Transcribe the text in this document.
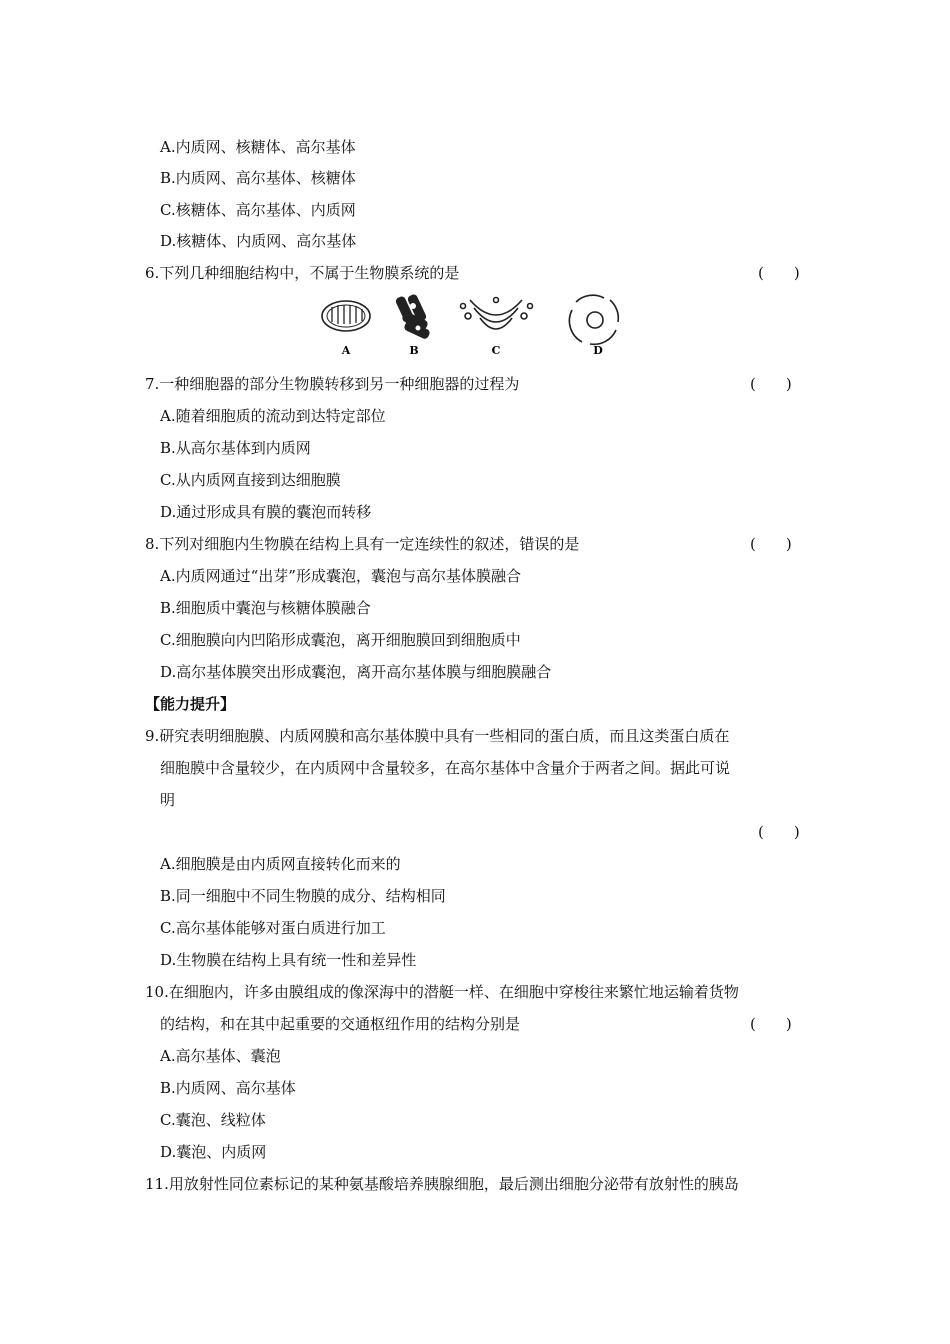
A.内质网、核糖体、高尔基体
B.内质网、高尔基体、核糖体
C.核糖体、高尔基体、内质网
D.核糖体、内质网、高尔基体
6.下列几种细胞结构中，不属于生物膜系统的是	(　　)
A	B	C	D
7.一种细胞器的部分生物膜转移到另一种细胞器的过程为	(　　)
A.随着细胞质的流动到达特定部位
B.从高尔基体到内质网
C.从内质网直接到达细胞膜
D.通过形成具有膜的囊泡而转移
8.下列对细胞内生物膜在结构上具有一定连续性的叙述，错误的是	(　　)
A.内质网通过“出芽”形成囊泡，囊泡与高尔基体膜融合
B.细胞质中囊泡与核糖体膜融合
C.细胞膜向内凹陷形成囊泡，离开细胞膜回到细胞质中
D.高尔基体膜突出形成囊泡，离开高尔基体膜与细胞膜融合
【能力提升】
9.研究表明细胞膜、内质网膜和高尔基体膜中具有一些相同的蛋白质，而且这类蛋白质在
细胞膜中含量较少，在内质网中含量较多，在高尔基体中含量介于两者之间。据此可说
明
(　　)
A.细胞膜是由内质网直接转化而来的
B.同一细胞中不同生物膜的成分、结构相同
C.高尔基体能够对蛋白质进行加工
D.生物膜在结构上具有统一性和差异性
10.在细胞内，许多由膜组成的像深海中的潜艇一样、在细胞中穿梭往来繁忙地运输着货物
的结构，和在其中起重要的交通枢纽作用的结构分别是	(　　)
A.高尔基体、囊泡
B.内质网、高尔基体
C.囊泡、线粒体
D.囊泡、内质网
11.用放射性同位素标记的某种氨基酸培养胰腺细胞，最后测出细胞分泌带有放射性的胰岛
